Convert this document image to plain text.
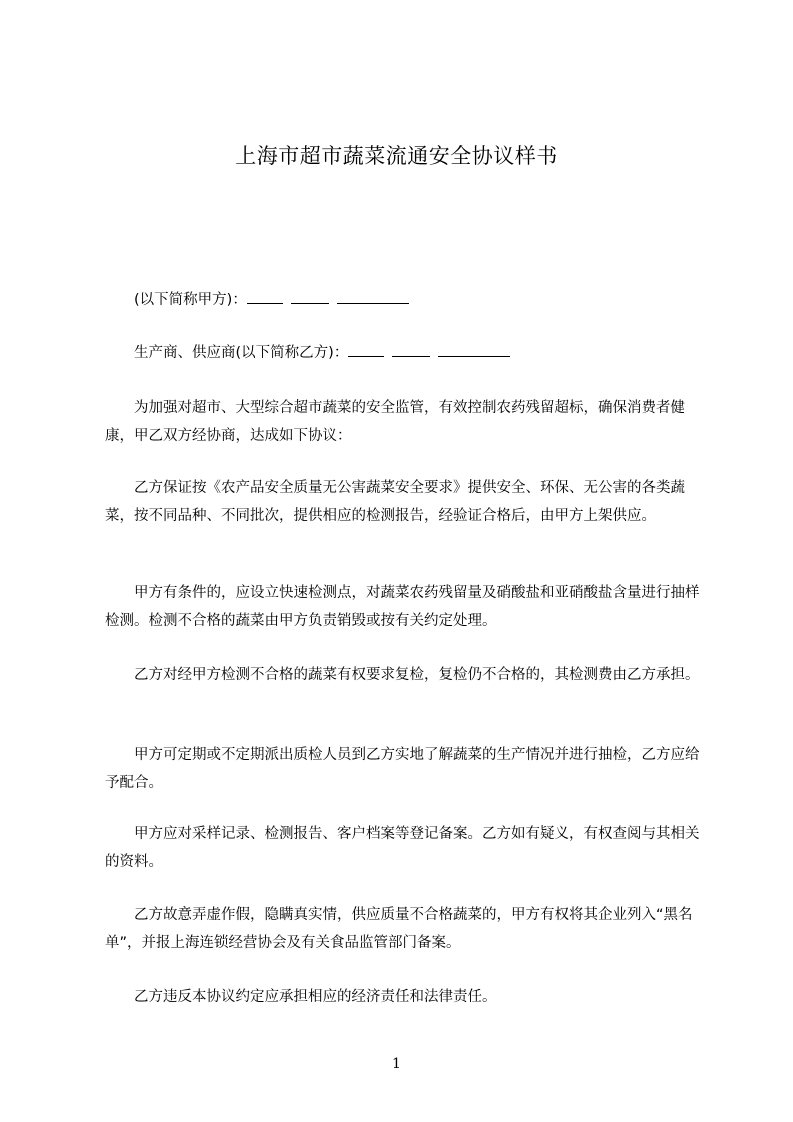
上海市超市蔬菜流通安全协议样书

(以下简称甲方)：

生产商、供应商(以下简称乙方)：

为加强对超市、大型综合超市蔬菜的安全监管，有效控制农药残留超标，确保消费者健康，甲乙双方经协商，达成如下协议：

乙方保证按《农产品安全质量无公害蔬菜安全要求》提供安全、环保、无公害的各类蔬菜，按不同品种、不同批次，提供相应的检测报告，经验证合格后，由甲方上架供应。

甲方有条件的，应设立快速检测点，对蔬菜农药残留量及硝酸盐和亚硝酸盐含量进行抽样检测。检测不合格的蔬菜由甲方负责销毁或按有关约定处理。

乙方对经甲方检测不合格的蔬菜有权要求复检，复检仍不合格的，其检测费由乙方承担。

甲方可定期或不定期派出质检人员到乙方实地了解蔬菜的生产情况并进行抽检，乙方应给予配合。

甲方应对采样记录、检测报告、客户档案等登记备案。乙方如有疑义，有权查阅与其相关的资料。

乙方故意弄虚作假，隐瞒真实情，供应质量不合格蔬菜的，甲方有权将其企业列入“黑名单”，并报上海连锁经营协会及有关食品监管部门备案。

乙方违反本协议约定应承担相应的经济责任和法律责任。

1
